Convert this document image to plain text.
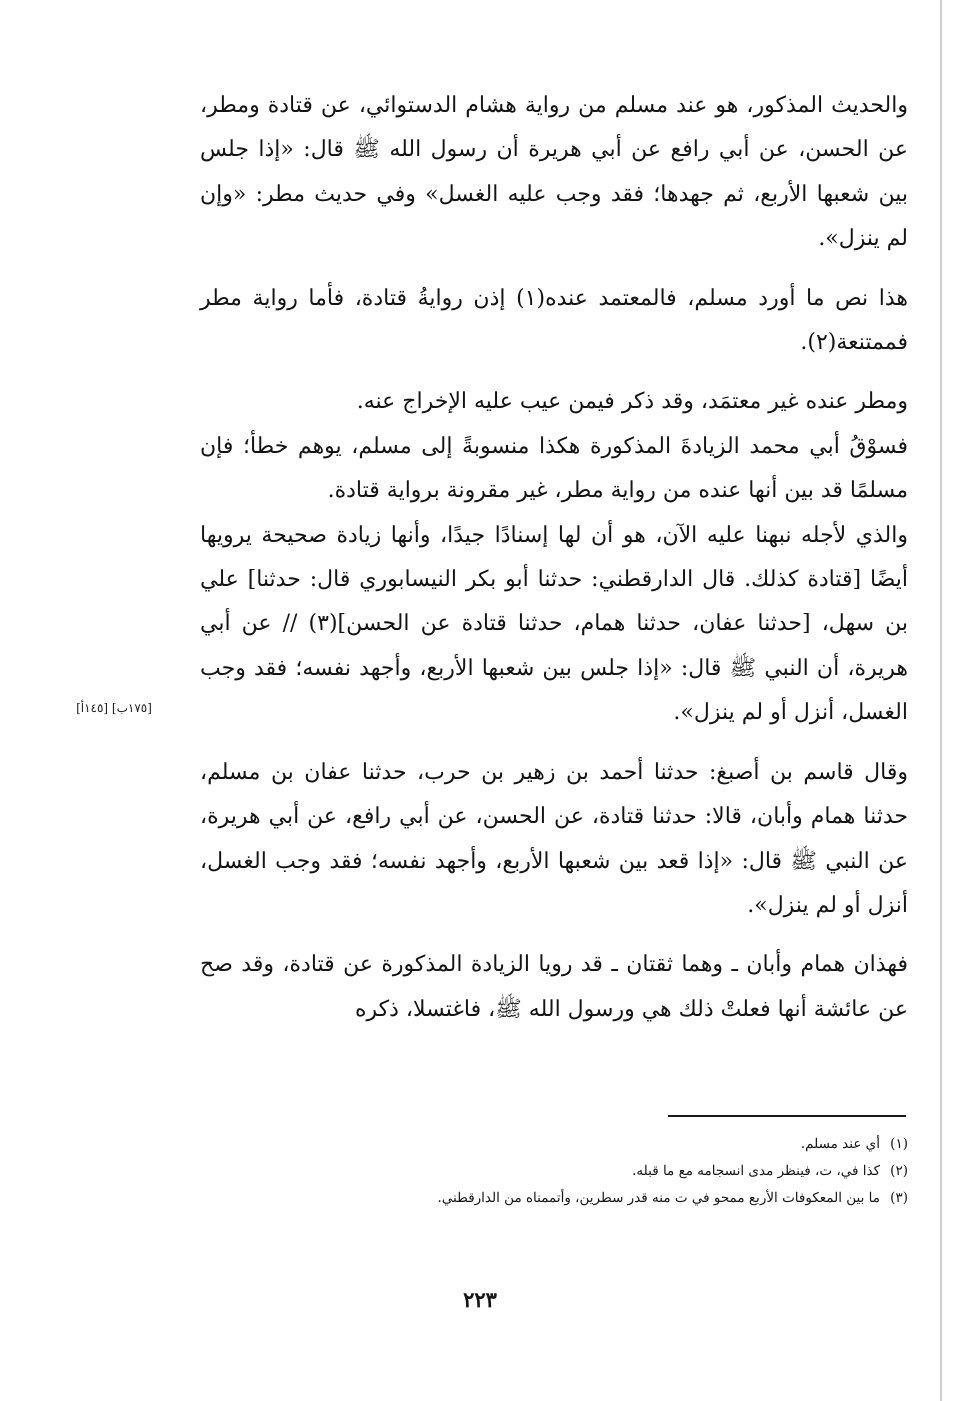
والحديث المذكور، هو عند مسلم من رواية هشام الدستوائي، عن قتادة ومطر، عن الحسن، عن أبي رافع عن أبي هريرة أن رسول الله ﷺ قال: «إذا جلس بين شعبها الأربع، ثم جهدها؛ فقد وجب عليه الغسل» وفي حديث مطر: «وإن لم ينزل».

هذا نص ما أورد مسلم، فالمعتمد عنده(١) إذن روايةُ قتادة، فأما رواية مطر فممتنعة(٢).

ومطر عنده غير معتمَد، وقد ذكر فيمن عيب عليه الإخراج عنه.

فسوْقُ أبي محمد الزيادةَ المذكورة هكذا منسوبةً إلى مسلم، يوهم خطأ؛ فإن مسلمًا قد بين أنها عنده من رواية مطر، غير مقرونة برواية قتادة.

والذي لأجله نبهنا عليه الآن، هو أن لها إسنادًا جيدًا، وأنها زيادة صحيحة يرويها أيضًا [قتادة كذلك. قال الدارقطني: حدثنا أبو بكر النيسابوري قال: حدثنا] علي بن سهل، [حدثنا عفان، حدثنا همام، حدثنا قتادة عن الحسن](٣) // عن أبي هريرة، أن النبي ﷺ قال: «إذا جلس بين شعبها الأربع، وأجهد نفسه؛ فقد وجب الغسل، أنزل أو لم ينزل».

وقال قاسم بن أصبغ: حدثنا أحمد بن زهير بن حرب، حدثنا عفان بن مسلم، حدثنا همام وأبان، قالا: حدثنا قتادة، عن الحسن، عن أبي رافع، عن أبي هريرة، عن النبي ﷺ قال: «إذا قعد بين شعبها الأربع، وأجهد نفسه؛ فقد وجب الغسل، أنزل أو لم ينزل».

فهذان همام وأبان ـ وهما ثقتان ـ قد رويا الزيادة المذكورة عن قتادة، وقد صح عن عائشة أنها فعلتْ ذلك هي ورسول الله ﷺ، فاغتسلا، ذكره

[١٧٥ب] [١٤٥أ]
(١)أي عند مسلم.
(٢)كذا في، ت، فينظر مدى انسجامه مع ما قبله.
(٣)ما بين المعكوفات الأربع ممحو في ت منه قدر سطرين، وأتممناه من الدارقطني.
٢٢٣
